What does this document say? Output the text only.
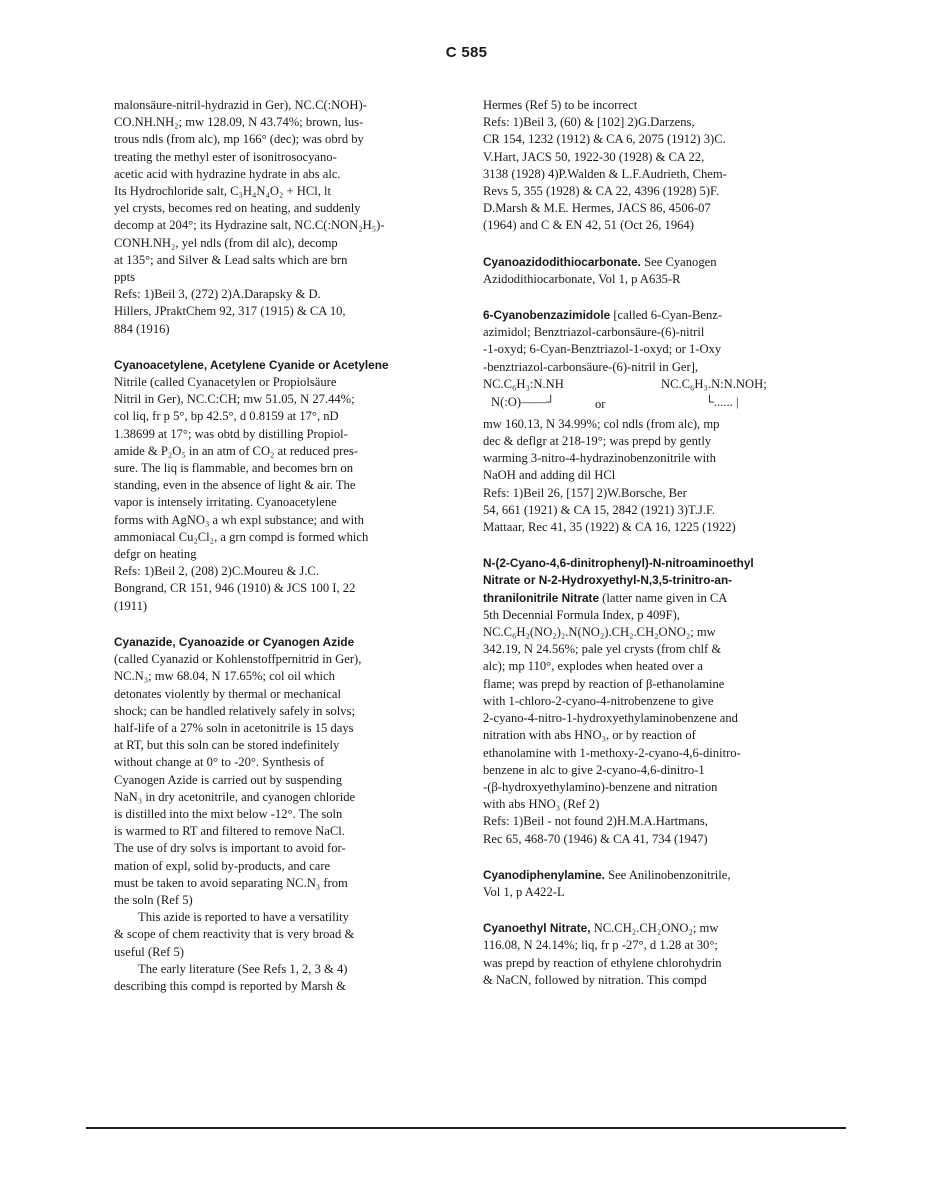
C 585
malonsäure-nitril-hydrazid in Ger), NC.C(:NOH)-
CO.NH.NH₂; mw 128.09, N 43.74%; brown, lus-
trous ndls (from alc), mp 166° (dec); was obrd by
treating the methyl ester of isonitrosocyano-
acetic acid with hydrazine hydrate in abs alc.
Its Hydrochloride salt, C₃H₄N₄O₂ + HCl, lt
yel crysts, becomes red on heating, and suddenly
decomp at 204°; its Hydrazine salt, NC.C(:NON₂H₅)-
CONH.NH₂, yel ndls (from dil alc), decomp
at 135°; and Silver & Lead salts which are brn
ppts
Refs: 1)Beil 3, (272) 2)A.Darapsky & D.
Hillers, JPraktChem 92, 317 (1915) & CA 10,
884 (1916)
Cyanoacetylene, Acetylene Cyanide or Acetylene
Nitrile (called Cyanacetylen or Propiolsäure
Nitril in Ger), NC.C:CH; mw 51.05, N 27.44%;
col liq, fr p 5°, bp 42.5°, d 0.8159 at 17°, nD
1.38699 at 17°; was obtd by distilling Propiol-
amide & P₂O₅ in an atm of CO₂ at reduced pres-
sure. The liq is flammable, and becomes brn on
standing, even in the absence of light & air. The
vapor is intensely irritating. Cyanoacetylene
forms with AgNO₃ a wh expl substance; and with
ammoniacal Cu₂Cl₂, a grn compd is formed which
defgr on heating
Refs: 1)Beil 2, (208) 2)C.Moureu & J.C.
Bongrand, CR 151, 946 (1910) & JCS 100 I, 22
(1911)
Cyanazide, Cyanoazide or Cyanogen Azide
(called Cyanazid or Kohlenstoffpernitrid in Ger),
NC.N₃; mw 68.04, N 17.65%; col oil which
detonates violently by thermal or mechanical
shock; can be handled relatively safely in solvs;
half-life of a 27% soln in acetonitrile is 15 days
at RT, but this soln can be stored indefinitely
without change at 0° to -20°. Synthesis of
Cyanogen Azide is carried out by suspending
NaN₃ in dry acetonitrile, and cyanogen chloride
is distilled into the mixt below -12°. The soln
is warmed to RT and filtered to remove NaCl.
The use of dry solvs is important to avoid for-
mation of expl, solid by-products, and care
must be taken to avoid separating NC.N₃ from
the soln (Ref 5)
This azide is reported to have a versatility
& scope of chem reactivity that is very broad &
useful (Ref 5)
The early literature (See Refs 1, 2, 3 & 4)
describing this compd is reported by Marsh &
Hermes (Ref 5) to be incorrect
Refs: 1)Beil 3, (60) & [102] 2)G.Darzens,
CR 154, 1232 (1912) & CA 6, 2075 (1912) 3)C.
V.Hart, JACS 50, 1922-30 (1928) & CA 22,
3138 (1928) 4)P.Walden & L.F.Audrieth, Chem-
Revs 5, 355 (1928) & CA 22, 4396 (1928) 5)F.
D.Marsh & M.E. Hermes, JACS 86, 4506-07
(1964) and C & EN 42, 51 (Oct 26, 1964)
Cyanoazidodithiocarbonate. See Cyanogen
Azidodithiocarbonate, Vol 1, p A635-R
6-Cyanobenzazimidole [called 6-Cyan-Benz-
azimidol; Benztriazol-carbonsäure-(6)-nitril
-1-oxyd; 6-Cyan-Benztriazol-1-oxyd; or 1-Oxy
-benztriazol-carbonsäure-(6)-nitril in Ger],
NC.C₆H₃:N.NH
N(:O)——┘	or
NC.C₆H₃.N:N.NOH;
└...... |
mw 160.13, N 34.99%; col ndls (from alc), mp
dec & deflgr at 218-19°; was prepd by gently
warming 3-nitro-4-hydrazinobenzonitrile with
NaOH and adding dil HCl
Refs: 1)Beil 26, [157] 2)W.Borsche, Ber
54, 661 (1921) & CA 15, 2842 (1921) 3)T.J.F.
Mattaar, Rec 41, 35 (1922) & CA 16, 1225 (1922)
N-(2-Cyano-4,6-dinitrophenyl)-N-nitroaminoethyl
Nitrate or N-2-Hydroxyethyl-N,3,5-trinitro-an-
thranilonitrile Nitrate (latter name given in CA
5th Decennial Formula Index, p 409F),
NC.C₆H₂(NO₂)₂.N(NO₂).CH₂.CH₂ONO₂; mw
342.19, N 24.56%; pale yel crysts (from chlf &
alc); mp 110°, explodes when heated over a
flame; was prepd by reaction of β-ethanolamine
with 1-chloro-2-cyano-4-nitrobenzene to give
2-cyano-4-nitro-1-hydroxyethylaminobenzene and
nitration with abs HNO₃, or by reaction of
ethanolamine with 1-methoxy-2-cyano-4,6-dinitro-
benzene in alc to give 2-cyano-4,6-dinitro-1
-(β-hydroxyethylamino)-benzene and nitration
with abs HNO₃ (Ref 2)
Refs: 1)Beil - not found 2)H.M.A.Hartmans,
Rec 65, 468-70 (1946) & CA 41, 734 (1947)
Cyanodiphenylamine. See Anilinobenzonitrile,
Vol 1, p A422-L
Cyanoethyl Nitrate, NC.CH₂.CH₂ONO₂; mw
116.08, N 24.14%; liq, fr p -27°, d 1.28 at 30°;
was prepd by reaction of ethylene chlorohydrin
& NaCN, followed by nitration. This compd
